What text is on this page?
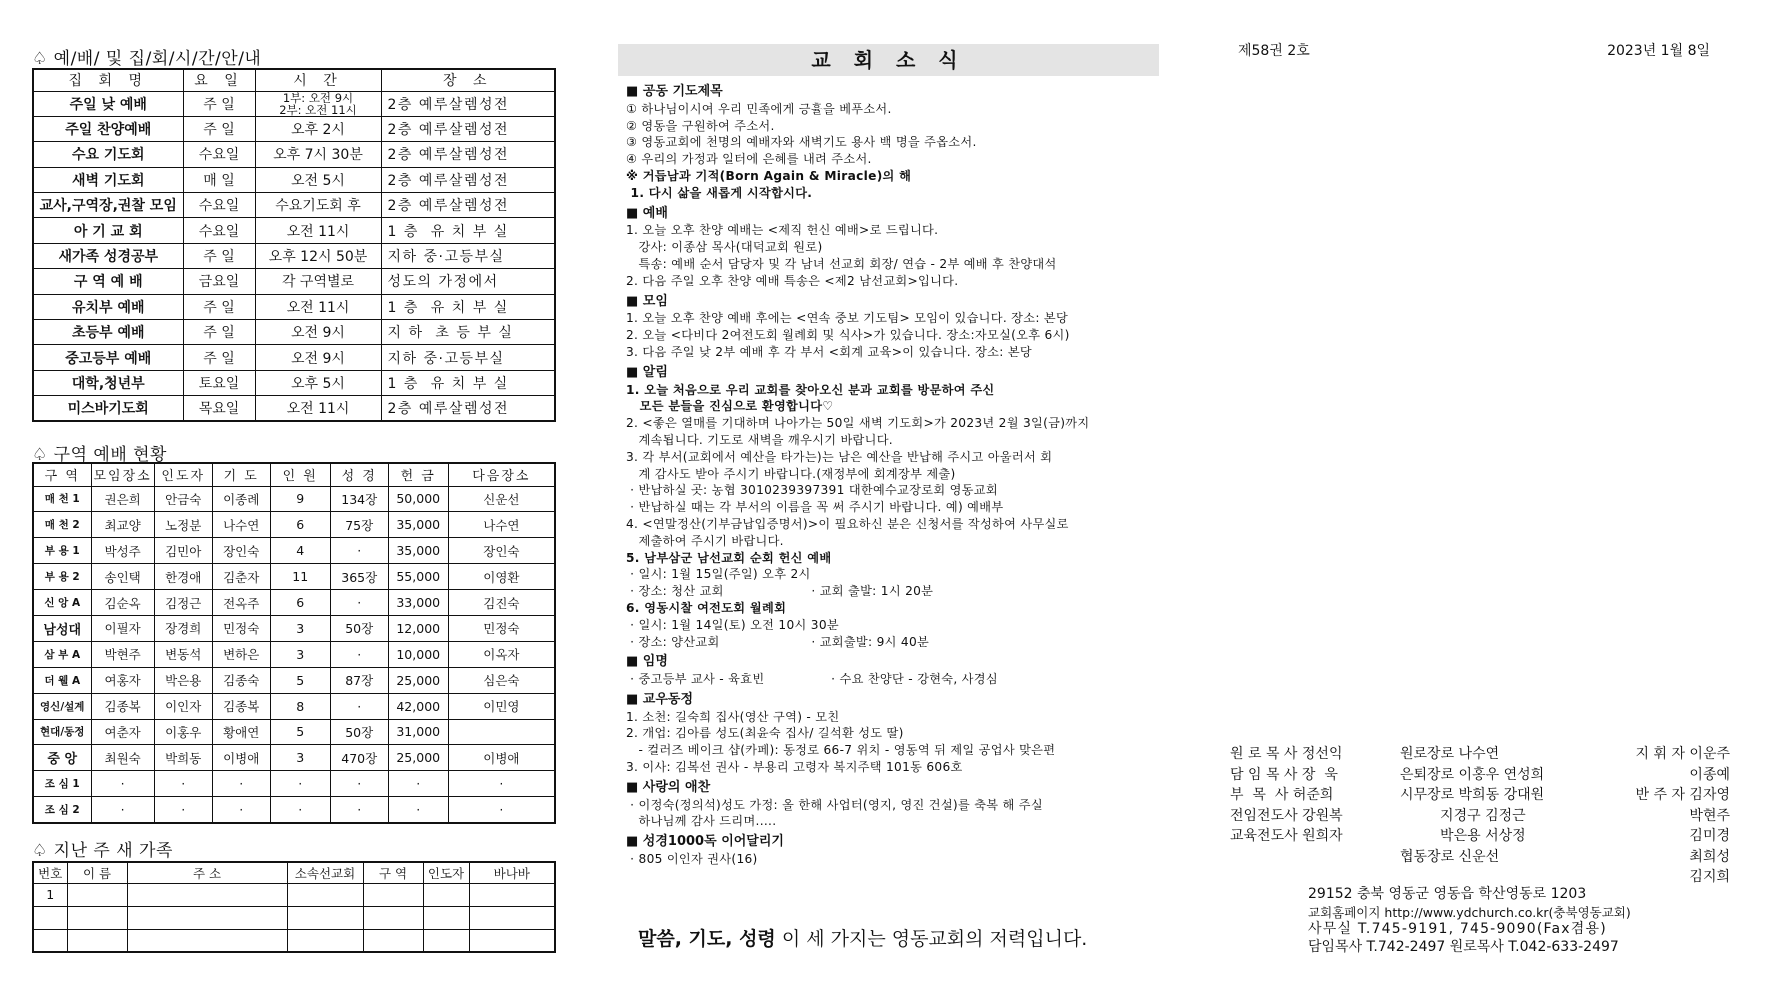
♤ 예/배/ 및 집/회/시/간/안/내
집 회 명	요 일	시 간	장 소
주일 낮 예배	주 일	1부: 오전 9시
2부: 오전 11시	2층 예루살렘성전
주일 찬양예배	주 일	오후 2시	2층 예루살렘성전
수요 기도회	수요일	오후 7시 30분	2층 예루살렘성전
새벽 기도회	매 일	오전 5시	2층 예루살렘성전
교사,구역장,권찰 모임	수요일	수요기도회 후	2층 예루살렘성전
아 기 교 회	수요일	오전 11시	1 층  유 치 부 실
새가족 성경공부	주 일	오후 12시 50분	지하 중·고등부실
구 역 예 배	금요일	각 구역별로	성도의 가정에서
유치부 예배	주 일	오전 11시	1 층  유 치 부 실
초등부 예배	주 일	오전 9시	지 하  초 등 부 실
중고등부 예배	주 일	오전 9시	지하 중·고등부실
대학,청년부	토요일	오후 5시	1 층  유 치 부 실
미스바기도회	목요일	오전 11시	2층 예루살렘성전
♤ 구역 예배 현황
구 역	모임장소	인도자	기 도	인 원	성 경	헌 금	다음장소
매 천 1	권은희	안금숙	이종례	9	134장	50,000	신운선
매 천 2	최교양	노정분	나수연	6	75장	35,000	나수연
부 용 1	박성주	김민아	장인숙	4	·	35,000	장인숙
부 용 2	송인택	한경애	김춘자	11	365장	55,000	이영환
신 앙 A	김순옥	김정근	전옥주	6	·	33,000	김진숙
남성대	이필자	장경희	민정숙	3	50장	12,000	민정숙
삼 부 A	박현주	변동석	변하은	3	·	10,000	이옥자
더 웰 A	여홍자	박은용	김종숙	5	87장	25,000	심은숙
영신/설계	김종복	이인자	김종복	8	·	42,000	이민영
현대/동정	여춘자	이홍우	황애연	5	50장	31,000	
중 앙	최원숙	박희동	이병애	3	470장	25,000	이병애
조 심 1	·	·	·	·	·	·	·
조 심 2	·	·	·	·	·	·	·
♤ 지난 주 새 가족
번호	이 름	주 소	소속선교회	구 역	인도자	바나바
1						

교 회 소 식
■ 공동 기도제목
① 하나님이시여 우리 민족에게 긍휼을 베푸소서.
② 영동을 구원하여 주소서.
③ 영동교회에 천명의 예배자와 새벽기도 용사 백 명을 주옵소서.
④ 우리의 가정과 일터에 은혜를 내려 주소서.
※ 거듭남과 기적(Born Again & Miracle)의 해
1. 다시 삶을 새롭게 시작합시다.
■ 예배
1. 오늘 오후 찬양 예배는 <제직 헌신 예배>로 드립니다.
강사: 이종삼 목사(대덕교회 원로)
특송: 예배 순서 담당자 및 각 남녀 선교회 회장/ 연습 - 2부 예배 후 찬양대석
2. 다음 주일 오후 찬양 예배 특송은 <제2 남선교회>입니다.
■ 모임
1. 오늘 오후 찬양 예배 후에는 <연속 중보 기도팀> 모임이 있습니다. 장소: 본당
2. 오늘 <다비다 2여전도회 월례회 및 식사>가 있습니다. 장소:자모실(오후 6시)
3. 다음 주일 낮 2부 예배 후 각 부서 <회계 교육>이 있습니다. 장소: 본당
■ 알림
1. 오늘 처음으로 우리 교회를 찾아오신 분과 교회를 방문하여 주신
모든 분들을 진심으로 환영합니다♡
2. <좋은 열매를 기대하며 나아가는 50일 새벽 기도회>가 2023년 2월 3일(금)까지
계속됩니다. 기도로 새벽을 깨우시기 바랍니다.
3. 각 부서(교회에서 예산을 타가는)는 남은 예산을 반납해 주시고 아울러서 회
계 감사도 받아 주시기 바랍니다.(재정부에 회계장부 제출)
· 반납하실 곳: 농협 3010239397391 대한예수교장로회 영동교회
· 반납하실 때는 각 부서의 이름을 꼭 써 주시기 바랍니다. 예) 예배부
4. <연말정산(기부금납입증명서)>이 필요하신 분은 신청서를 작성하여 사무실로
제출하여 주시기 바랍니다.
5. 남부삼군 남선교회 순회 헌신 예배
· 일시: 1월 15일(주일) 오후 2시
· 장소: 청산 교회                     · 교회 출발: 1시 20분
6. 영동시찰 여전도회 월례회
· 일시: 1월 14일(토) 오전 10시 30분
· 장소: 양산교회                      · 교회출발: 9시 40분
■ 임명
· 중고등부 교사 - 육효빈                · 수요 찬양단 - 강현숙, 사경심
■ 교우동정
1. 소천: 길숙희 집사(영산 구역) - 모친
2. 개업: 김아름 성도(최윤숙 집사/ 길석환 성도 딸)
- 컬러즈 베이크 샵(카페): 동정로 66-7 위치 - 영동역 뒤 제일 공업사 맞은편
3. 이사: 김복선 권사 - 부용리 고령자 복지주택 101동 606호
■ 사랑의 애찬
· 이정숙(정의석)성도 가정: 올 한해 사업터(영지, 영진 건설)를 축복 해 주실
하나님께 감사 드리며.....
■ 성경1000독 이어달리기
· 805 이인자 권사(16)
말씀, 기도, 성령 이 세 가지는 영동교회의 저력입니다.
제58권 2호	2023년 1월 8일
원 로 목 사 정선익
담 임 목 사 장  욱
부  목  사 허준희
전임전도사 강원복
교육전도사 원희자
원로장로 나수연
은퇴장로 이홍우 연성희
시무장로 박희동 강대원
지경구 김정근
박은용 서상정
협동장로 신운선
지 휘 자 이운주
이종예
반 주 자 김자영
박현주
김미경
최희성
김지희
29152 충북 영동군 영동읍 학산영동로 1203
교회홈페이지 http://www.ydchurch.co.kr(충북영동교회)
사무실 T.745-9191, 745-9090(Fax겸용)
담임목사 T.742-2497 원로목사 T.042-633-2497
